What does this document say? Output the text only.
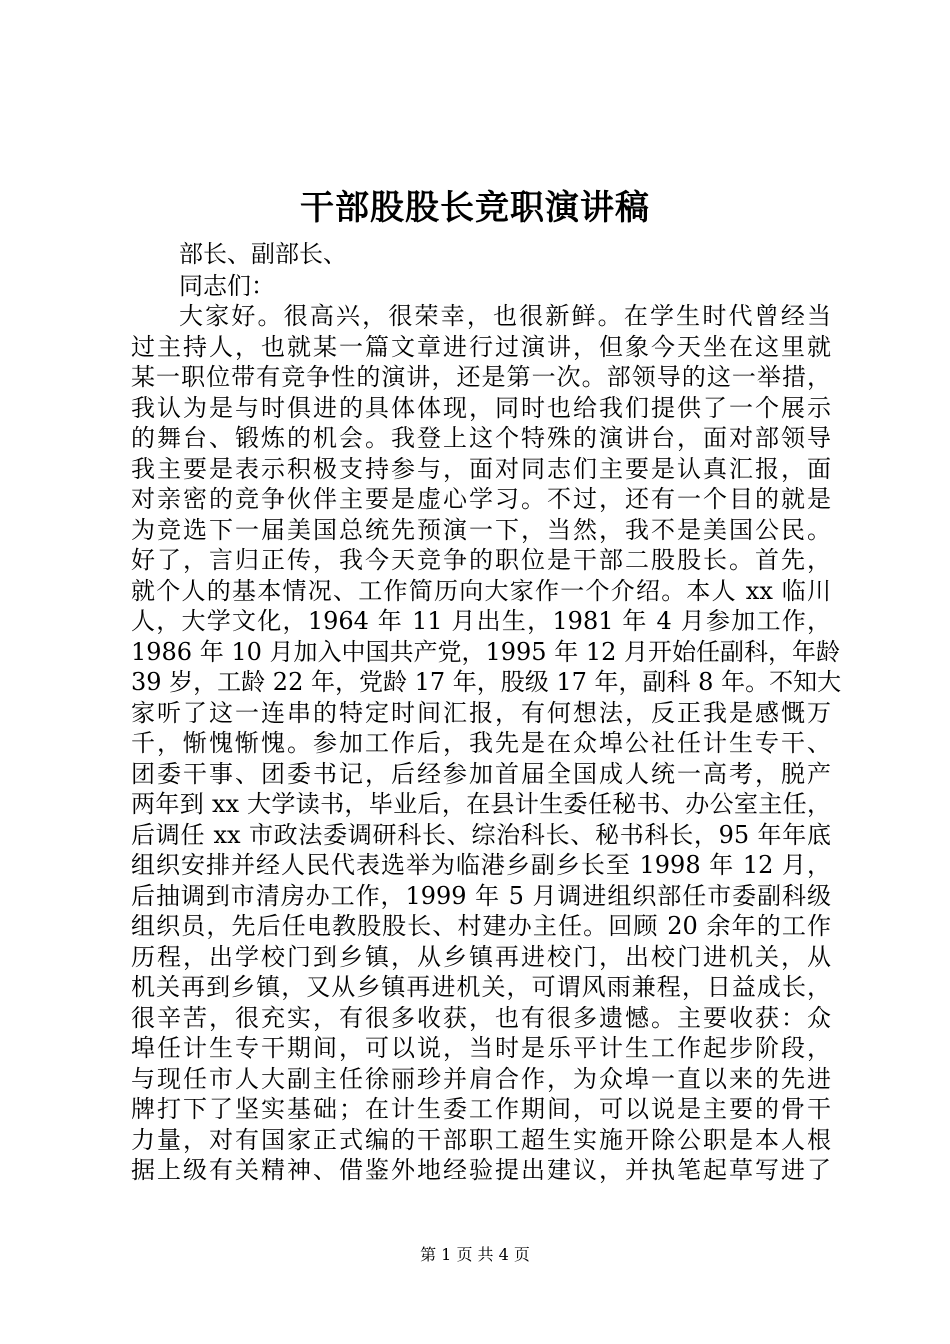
干部股股长竞职演讲稿
部长、副部长、
同志们：
大家好。很高兴，很荣幸，也很新鲜。在学生时代曾经当
过主持人，也就某一篇文章进行过演讲，但象今天坐在这里就
某一职位带有竞争性的演讲，还是第一次。部领导的这一举措，
我认为是与时俱进的具体体现，同时也给我们提供了一个展示
的舞台、锻炼的机会。我登上这个特殊的演讲台，面对部领导
我主要是表示积极支持参与，面对同志们主要是认真汇报，面
对亲密的竞争伙伴主要是虚心学习。不过，还有一个目的就是
为竞选下一届美国总统先预演一下，当然，我不是美国公民。
好了，言归正传，我今天竞争的职位是干部二股股长。首先，
就个人的基本情况、工作简历向大家作一个介绍。本人 xx 临川
人，大学文化，1964 年 11 月出生，1981 年 4 月参加工作，
1986 年 10 月加入中国共产党，1995 年 12 月开始任副科，年龄
39 岁，工龄 22 年，党龄 17 年，股级 17 年，副科 8 年。不知大
家听了这一连串的特定时间汇报，有何想法，反正我是感慨万
千，惭愧惭愧。参加工作后，我先是在众埠公社任计生专干、
团委干事、团委书记，后经参加首届全国成人统一高考，脱产
两年到 xx 大学读书，毕业后，在县计生委任秘书、办公室主任，
后调任 xx 市政法委调研科长、综治科长、秘书科长，95 年年底
组织安排并经人民代表选举为临港乡副乡长至 1998 年 12 月，
后抽调到市清房办工作，1999 年 5 月调进组织部任市委副科级
组织员，先后任电教股股长、村建办主任。回顾 20 余年的工作
历程，出学校门到乡镇，从乡镇再进校门，出校门进机关，从
机关再到乡镇，又从乡镇再进机关，可谓风雨兼程，日益成长，
很辛苦，很充实，有很多收获，也有很多遗憾。主要收获：众
埠任计生专干期间，可以说，当时是乐平计生工作起步阶段，
与现任市人大副主任徐丽珍并肩合作，为众埠一直以来的先进
牌打下了坚实基础；在计生委工作期间，可以说是主要的骨干
力量，对有国家正式编的干部职工超生实施开除公职是本人根
据上级有关精神、借鉴外地经验提出建议，并执笔起草写进了
第 1 页 共 4 页
